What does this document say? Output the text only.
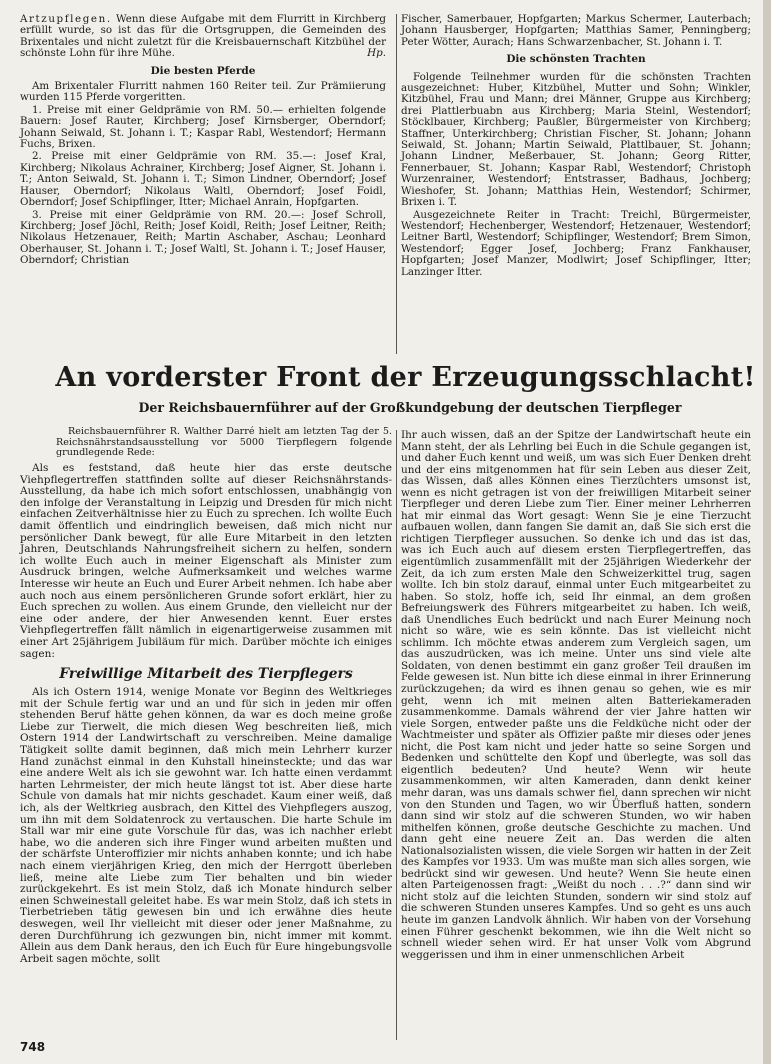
Artzupflegen. Wenn diese Aufgabe mit dem Flurritt in Kirchberg erfüllt wurde, so ist das für die Ortsgruppen, die Gemeinden des Brixentales und nicht zuletzt für die Kreisbauernschaft Kitzbühel der schönste Lohn für ihre Mühe.	Hp.

Die besten Pferde

Am Brixentaler Flurritt nahmen 160 Reiter teil. Zur Prämiierung wurden 115 Pferde vorgeritten.

1. Preise mit einer Geldprämie von RM. 50.— erhielten folgende Bauern: Josef Rauter, Kirchberg; Josef Kirnsberger, Oberndorf; Johann Seiwald, St. Johann i. T.; Kaspar Rabl, Westendorf; Hermann Fuchs, Brixen.

2. Preise mit einer Geldprämie von RM. 35.—: Josef Kral, Kirchberg; Nikolaus Achrainer, Kirchberg; Josef Aigner, St. Johann i. T.; Anton Seiwald, St. Johann i. T.; Simon Lindner, Oberndorf; Josef Hauser, Oberndorf; Nikolaus Waltl, Oberndorf; Josef Foidl, Oberndorf; Josef Schipflinger, Itter; Michael Anrain, Hopfgarten.

3. Preise mit einer Geldprämie von RM. 20.—: Josef Schroll, Kirchberg; Josef Jöchl, Reith; Josef Koidl, Reith; Josef Leitner, Reith; Nikolaus Hetzenauer, Reith; Martin Aschaber, Aschau; Leonhard Oberhauser, St. Johann i. T.; Josef Waltl, St. Johann i. T.; Josef Hauser, Oberndorf; Christian

Fischer, Samerbauer, Hopfgarten; Markus Schermer, Lauterbach; Johann Hausberger, Hopfgarten; Matthias Samer, Penningberg; Peter Wötter, Aurach; Hans Schwarzenbacher, St. Johann i. T.

Die schönsten Trachten

Folgende Teilnehmer wurden für die schönsten Trachten ausgezeichnet: Huber, Kitzbühel, Mutter und Sohn; Winkler, Kitzbühel, Frau und Mann; drei Männer, Gruppe aus Kirchberg; drei Plattlerbuabn aus Kirchberg; Maria Steinl, Westendorf; Stöcklbauer, Kirchberg; Paußler, Bürgermeister von Kirchberg; Staffner, Unterkirchberg; Christian Fischer, St. Johann; Johann Seiwald, St. Johann; Martin Seiwald, Plattlbauer, St. Johann; Johann Lindner, Meßerbauer, St. Johann; Georg Ritter, Fennerbauer, St. Johann; Kaspar Rabl, Westendorf; Christoph Wurzenrainer, Westendorf; Entstrasser, Badhaus, Jochberg; Wieshofer, St. Johann; Matthias Hein, Westendorf; Schirmer, Brixen i. T.

Ausgezeichnete Reiter in Tracht: Treichl, Bürgermeister, Westendorf; Hechenberger, Westendorf; Hetzenauer, Westendorf; Leitner Bartl, Westendorf; Schipflinger, Westendorf; Brem Simon, Westendorf; Egger Josef, Jochberg; Franz Fankhauser, Hopfgarten; Josef Manzer, Modlwirt; Josef Schipflinger, Itter; Lanzinger Itter.

An vorderster Front der Erzeugungsschlacht!
Der Reichsbauernführer auf der Großkundgebung der deutschen Tierpfleger

Reichsbauernführer R. Walther Darré hielt am letzten Tag der 5. Reichsnährstandsausstellung vor 5000 Tierpflegern folgende grundlegende Rede:

Als es feststand, daß heute hier das erste deutsche Viehpflegertreffen stattfinden sollte auf dieser Reichsnährstands-Ausstellung, da habe ich mich sofort entschlossen, unabhängig von den infolge der Veranstaltung in Leipzig und Dresden für mich nicht einfachen Zeitverhältnisse hier zu Euch zu sprechen. Ich wollte Euch damit öffentlich und eindringlich beweisen, daß mich nicht nur persönlicher Dank bewegt, für alle Eure Mitarbeit in den letzten Jahren, Deutschlands Nahrungsfreiheit sichern zu helfen, sondern ich wollte Euch auch in meiner Eigenschaft als Minister zum Ausdruck bringen, welche Aufmerksamkeit und welches warme Interesse wir heute an Euch und Eurer Arbeit nehmen. Ich habe aber auch noch aus einem persönlicheren Grunde sofort erklärt, hier zu Euch sprechen zu wollen. Aus einem Grunde, den vielleicht nur der eine oder andere, der hier Anwesenden kennt. Euer erstes Viehpflegertreffen fällt nämlich in eigenartigerweise zusammen mit einer Art 25jährigem Jubiläum für mich. Darüber möchte ich einiges sagen:

Freiwillige Mitarbeit des Tierpflegers

Als ich Ostern 1914, wenige Monate vor Beginn des Weltkrieges mit der Schule fertig war und an und für sich in jeden mir offen stehenden Beruf hätte gehen können, da war es doch meine große Liebe zur Tierwelt, die mich diesen Weg beschreiten ließ, mich Ostern 1914 der Landwirtschaft zu verschreiben. Meine damalige Tätigkeit sollte damit beginnen, daß mich mein Lehrherr kurzer Hand zunächst einmal in den Kuhstall hineinsteckte; und das war eine andere Welt als ich sie gewohnt war. Ich hatte einen verdammt harten Lehrmeister, der mich heute längst tot ist. Aber diese harte Schule von damals hat mir nichts geschadet. Kaum einer weiß, daß ich, als der Weltkrieg ausbrach, den Kittel des Viehpflegers auszog, um ihn mit dem Soldatenrock zu vertauschen. Die harte Schule im Stall war mir eine gute Vorschule für das, was ich nachher erlebt habe, wo die anderen sich ihre Finger wund arbeiten mußten und der schärfste Unteroffizier mir nichts anhaben konnte; und ich habe nach einem vierjährigen Krieg, den mich der Herrgott überleben ließ, meine alte Liebe zum Tier behalten und bin wieder zurückgekehrt. Es ist mein Stolz, daß ich Monate hindurch selber einen Schweinestall geleitet habe. Es war mein Stolz, daß ich stets in Tierbetrieben tätig gewesen bin und ich erwähne dies heute deswegen, weil Ihr vielleicht mit dieser oder jener Maßnahme, zu deren Durchführung ich gezwungen bin, nicht immer mit kommt. Allein aus dem Dank heraus, den ich Euch für Eure hingebungsvolle Arbeit sagen möchte, sollt

Ihr auch wissen, daß an der Spitze der Landwirtschaft heute ein Mann steht, der als Lehrling bei Euch in die Schule gegangen ist, und daher Euch kennt und weiß, um was sich Euer Denken dreht und der eins mitgenommen hat für sein Leben aus dieser Zeit, das Wissen, daß alles Können eines Tierzüchters umsonst ist, wenn es nicht getragen ist von der freiwilligen Mitarbeit seiner Tierpfleger und deren Liebe zum Tier. Einer meiner Lehrherren hat mir einmal das Wort gesagt: Wenn Sie je eine Tierzucht aufbauen wollen, dann fangen Sie damit an, daß Sie sich erst die richtigen Tierpfleger aussuchen. So denke ich und das ist das, was ich Euch auch auf diesem ersten Tierpflegertreffen, das eigentümlich zusammenfällt mit der 25jährigen Wiederkehr der Zeit, da ich zum ersten Male den Schweizerkittel trug, sagen wollte. Ich bin stolz darauf, einmal unter Euch mitgearbeitet zu haben. So stolz, hoffe ich, seid Ihr einmal, an dem großen Befreiungswerk des Führers mitgearbeitet zu haben. Ich weiß, daß Unendliches Euch bedrückt und nach Eurer Meinung noch nicht so wäre, wie es sein könnte. Das ist vielleicht nicht schlimm. Ich möchte etwas anderem zum Vergleich sagen, um das auszudrücken, was ich meine. Unter uns sind viele alte Soldaten, von denen bestimmt ein ganz großer Teil draußen im Felde gewesen ist. Nun bitte ich diese einmal in ihrer Erinnerung zurückzugehen; da wird es ihnen genau so gehen, wie es mir geht, wenn ich mit meinen alten Batteriekameraden zusammenkomme. Damals während der vier Jahre hatten wir viele Sorgen, entweder paßte uns die Feldküche nicht oder der Wachtmeister und später als Offizier paßte mir dieses oder jenes nicht, die Post kam nicht und jeder hatte so seine Sorgen und Bedenken und schüttelte den Kopf und überlegte, was soll das eigentlich bedeuten? Und heute? Wenn wir heute zusammenkommen, wir alten Kameraden, dann denkt keiner mehr daran, was uns damals schwer fiel, dann sprechen wir nicht von den Stunden und Tagen, wo wir Überfluß hatten, sondern dann sind wir stolz auf die schweren Stunden, wo wir haben mithelfen können, große deutsche Geschichte zu machen. Und dann geht eine neuere Zeit an. Das werden die alten Nationalsozialisten wissen, die viele Sorgen wir hatten in der Zeit des Kampfes vor 1933. Um was mußte man sich alles sorgen, wie bedrückt sind wir gewesen. Und heute? Wenn Sie heute einen alten Parteigenossen fragt: „Weißt du noch . . .?“ dann sind wir nicht stolz auf die leichten Stunden, sondern wir sind stolz auf die schweren Stunden unseres Kampfes. Und so geht es uns auch heute im ganzen Landvolk ähnlich. Wir haben von der Vorsehung einen Führer geschenkt bekommen, wie ihn die Welt nicht so schnell wieder sehen wird. Er hat unser Volk vom Abgrund weggerissen und ihm in einer unmenschlichen Arbeit

748
